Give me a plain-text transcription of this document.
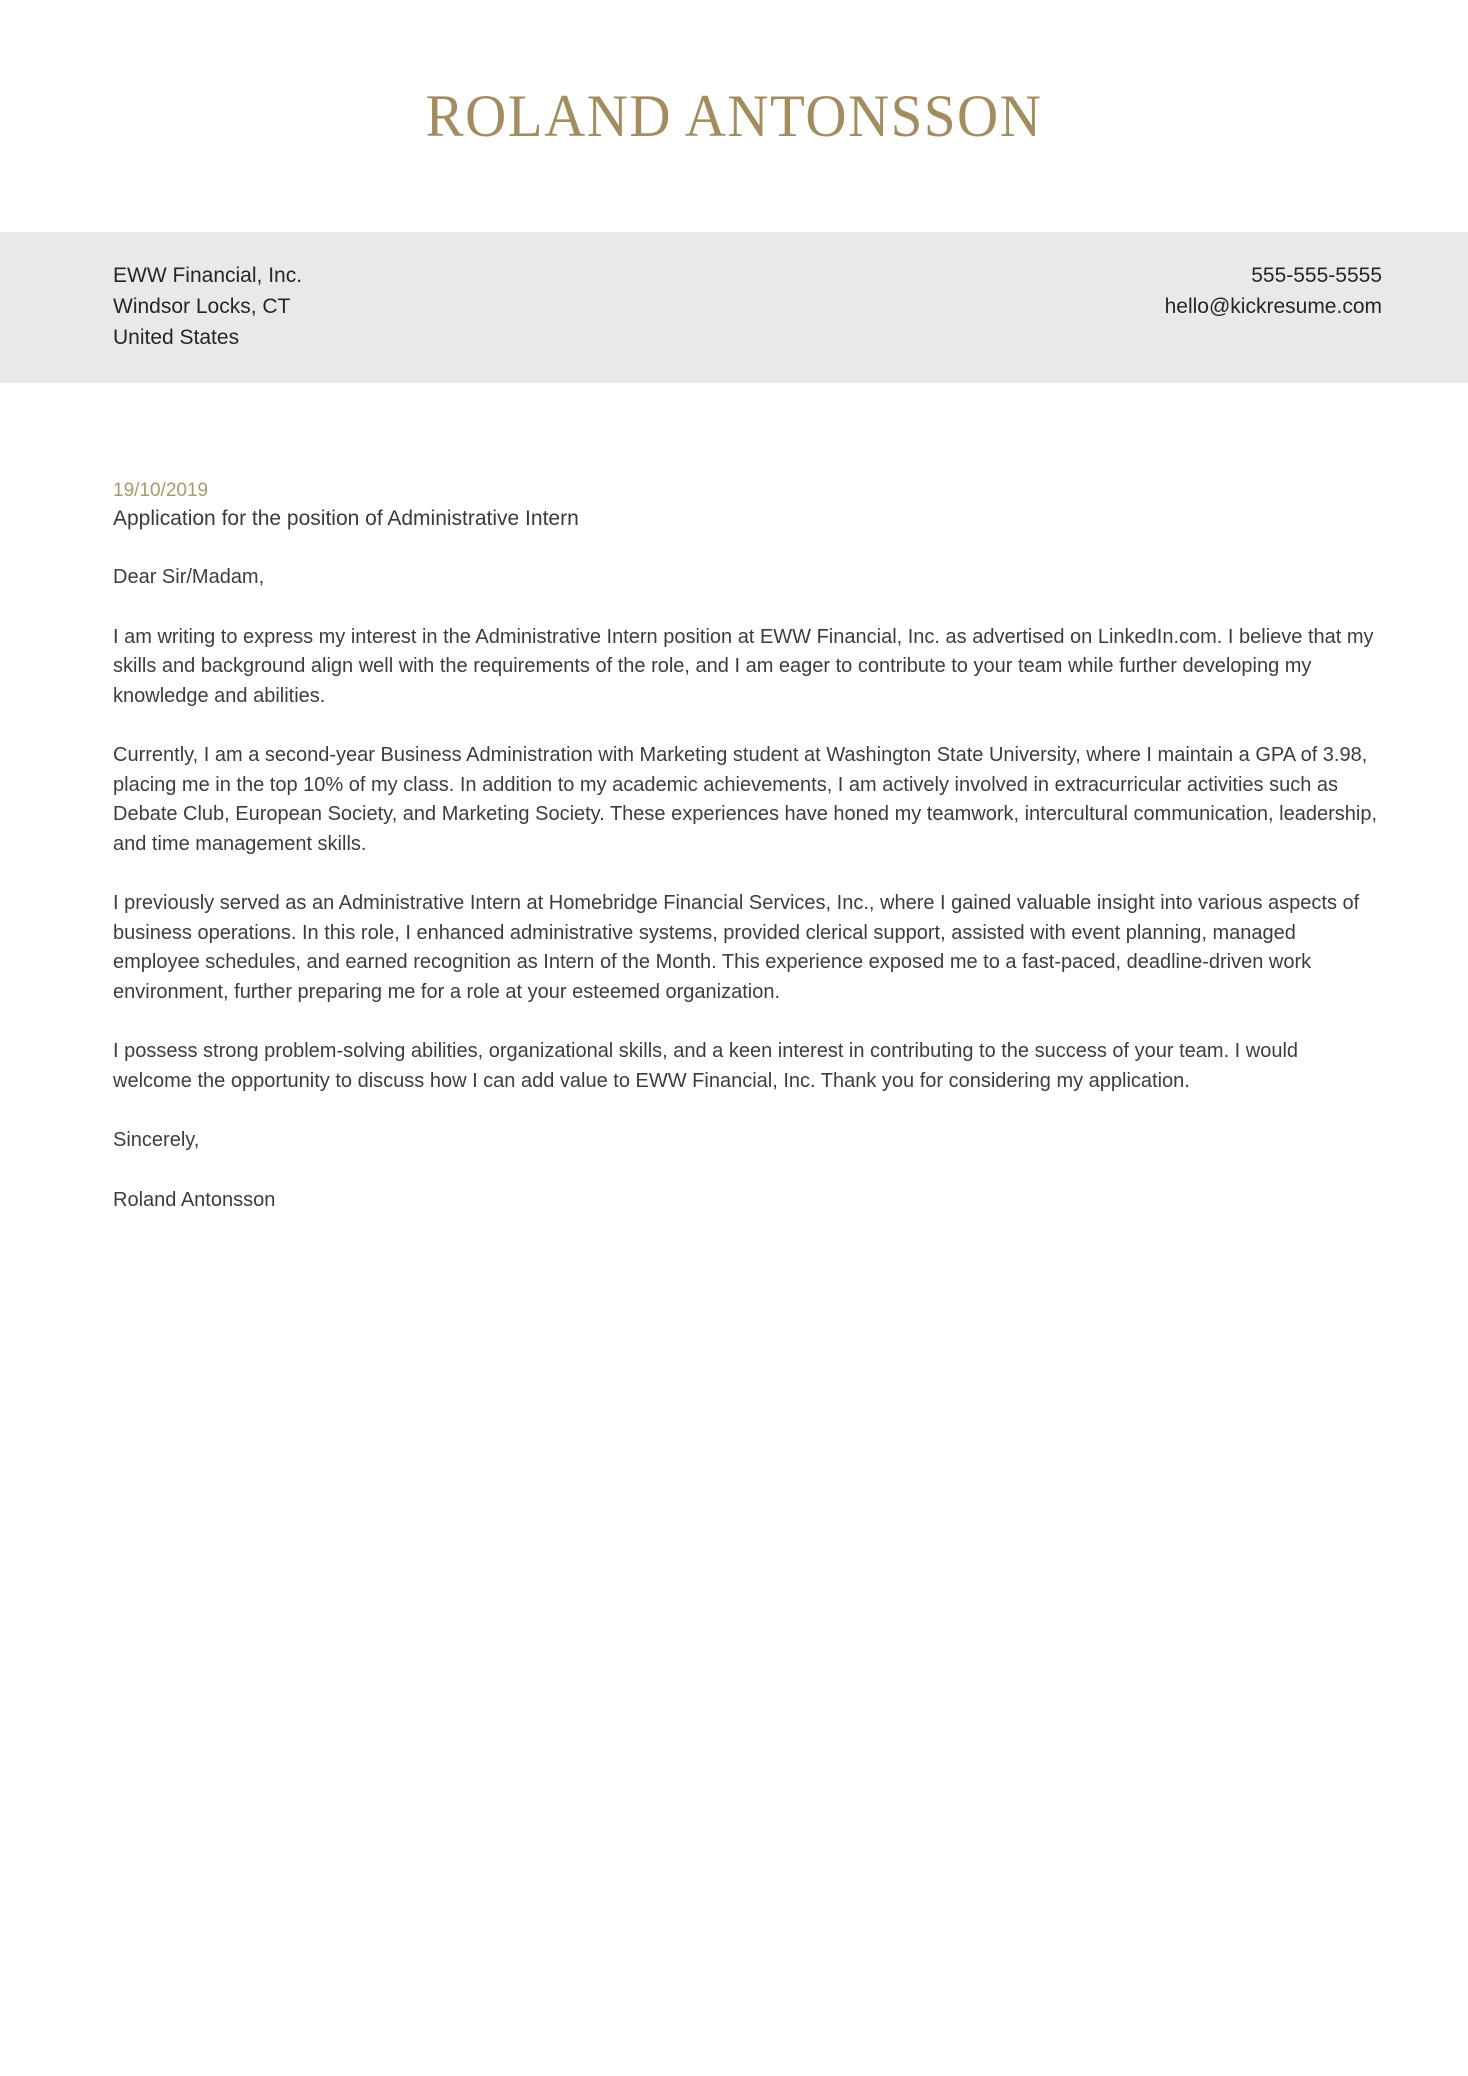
ROLAND ANTONSSON
EWW Financial, Inc.
Windsor Locks, CT
United States
555-555-5555
hello@kickresume.com
19/10/2019
Application for the position of Administrative Intern

Dear Sir/Madam,

I am writing to express my interest in the Administrative Intern position at EWW Financial, Inc. as advertised on LinkedIn.com. I believe that my skills and background align well with the requirements of the role, and I am eager to contribute to your team while further developing my knowledge and abilities.

Currently, I am a second-year Business Administration with Marketing student at Washington State University, where I maintain a GPA of 3.98, placing me in the top 10% of my class. In addition to my academic achievements, I am actively involved in extracurricular activities such as Debate Club, European Society, and Marketing Society. These experiences have honed my teamwork, intercultural communication, leadership, and time management skills.

I previously served as an Administrative Intern at Homebridge Financial Services, Inc., where I gained valuable insight into various aspects of business operations. In this role, I enhanced administrative systems, provided clerical support, assisted with event planning, managed employee schedules, and earned recognition as Intern of the Month. This experience exposed me to a fast-paced, deadline-driven work environment, further preparing me for a role at your esteemed organization.

I possess strong problem-solving abilities, organizational skills, and a keen interest in contributing to the success of your team. I would welcome the opportunity to discuss how I can add value to EWW Financial, Inc. Thank you for considering my application.

Sincerely,

Roland Antonsson
